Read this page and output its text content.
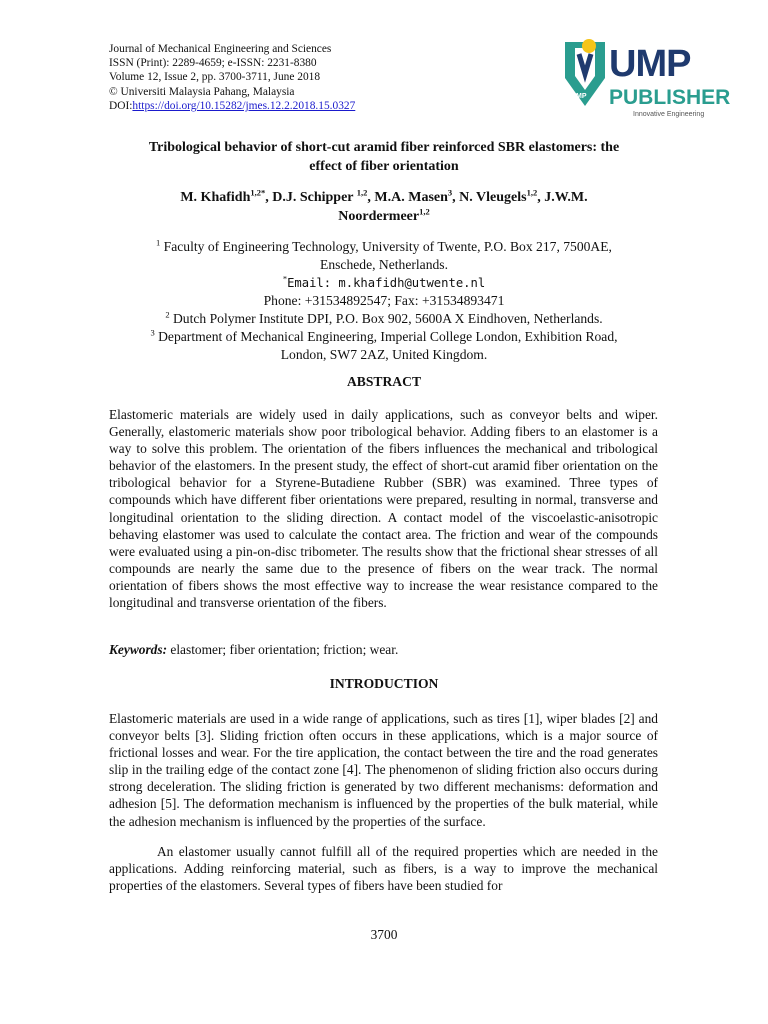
Journal of Mechanical Engineering and Sciences
ISSN (Print): 2289-4659; e-ISSN: 2231-8380
Volume 12, Issue 2, pp. 3700-3711, June 2018
© Universiti Malaysia Pahang, Malaysia
DOI:https://doi.org/10.15282/jmes.12.2.2018.15.0327
UMP
UMP
PUBLISHER
Innovative Engineering
Tribological behavior of short-cut aramid fiber reinforced SBR elastomers: the
effect of fiber orientation
M. Khafidh$^{1,2*}$, D.J. Schipper $^{1,2}$, M.A. Masen$^3$, N. Vleugels$^{1,2}$, J.W.M.
Noordermeer$^{1,2}$
$^1$ Faculty of Engineering Technology, University of Twente, P.O. Box 217, 7500AE,
Enschede, Netherlands.
*Email: m.khafidh@utwente.nl
Phone: +31534892547; Fax: +31534893471
$^2$ Dutch Polymer Institute DPI, P.O. Box 902, 5600A X Eindhoven, Netherlands.
$^3$ Department of Mechanical Engineering, Imperial College London, Exhibition Road,
London, SW7 2AZ, United Kingdom.
ABSTRACT

Elastomeric materials are widely used in daily applications, such as conveyor belts and wiper. Generally, elastomeric materials show poor tribological behavior. Adding fibers to an elastomer is a way to solve this problem. The orientation of the fibers influences the mechanical and tribological behavior of the elastomers. In the present study, the effect of short-cut aramid fiber orientation on the tribological behavior for a Styrene-Butadiene Rubber (SBR) was examined. Three types of compounds which have different fiber orientations were prepared, resulting in normal, transverse and longitudinal orientation to the sliding direction. A contact model of the viscoelastic-anisotropic behaving elastomer was used to calculate the contact area. The friction and wear of the compounds were evaluated using a pin-on-disc tribometer. The results show that the frictional shear stresses of all compounds are nearly the same due to the presence of fibers on the wear track. The normal orientation of fibers shows the most effective way to increase the wear resistance compared to the longitudinal and transverse orientation of the fibers.

Keywords: elastomer; fiber orientation; friction; wear.
INTRODUCTION

Elastomeric materials are used in a wide range of applications, such as tires [1], wiper blades [2] and conveyor belts [3]. Sliding friction often occurs in these applications, which is a major source of frictional losses and wear. For the tire application, the contact between the tire and the road generates slip in the trailing edge of the contact zone [4]. The phenomenon of sliding friction also occurs during strong deceleration. The sliding friction is generated by two different mechanisms: deformation and adhesion [5]. The deformation mechanism is influenced by the properties of the bulk material, while the adhesion mechanism is influenced by the properties of the surface.

An elastomer usually cannot fulfill all of the required properties which are needed in the applications. Adding reinforcing material, such as fibers, is a way to improve the mechanical properties of the elastomers. Several types of fibers have been studied for

3700
